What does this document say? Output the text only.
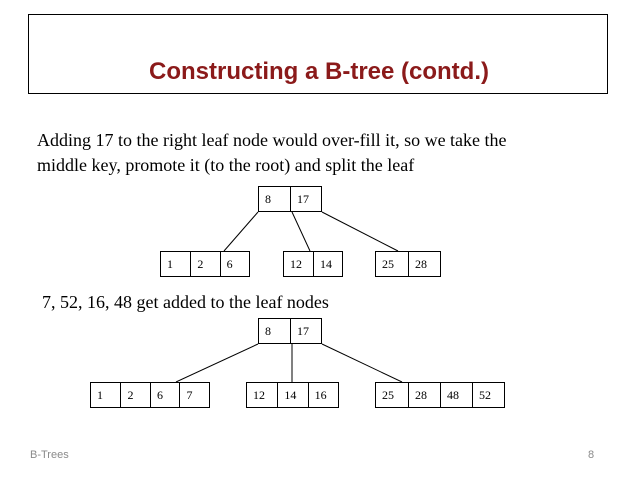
Constructing a B-tree (contd.)
Adding 17 to the right leaf node would over-fill it, so we take the
middle key, promote it (to the root) and split the leaf
8	17
1	2	6	12	14	25	28
7, 52, 16, 48 get added to the leaf nodes
8	17
1	2	6	7	12	14	16	25	28	48	52
B-Trees	8
